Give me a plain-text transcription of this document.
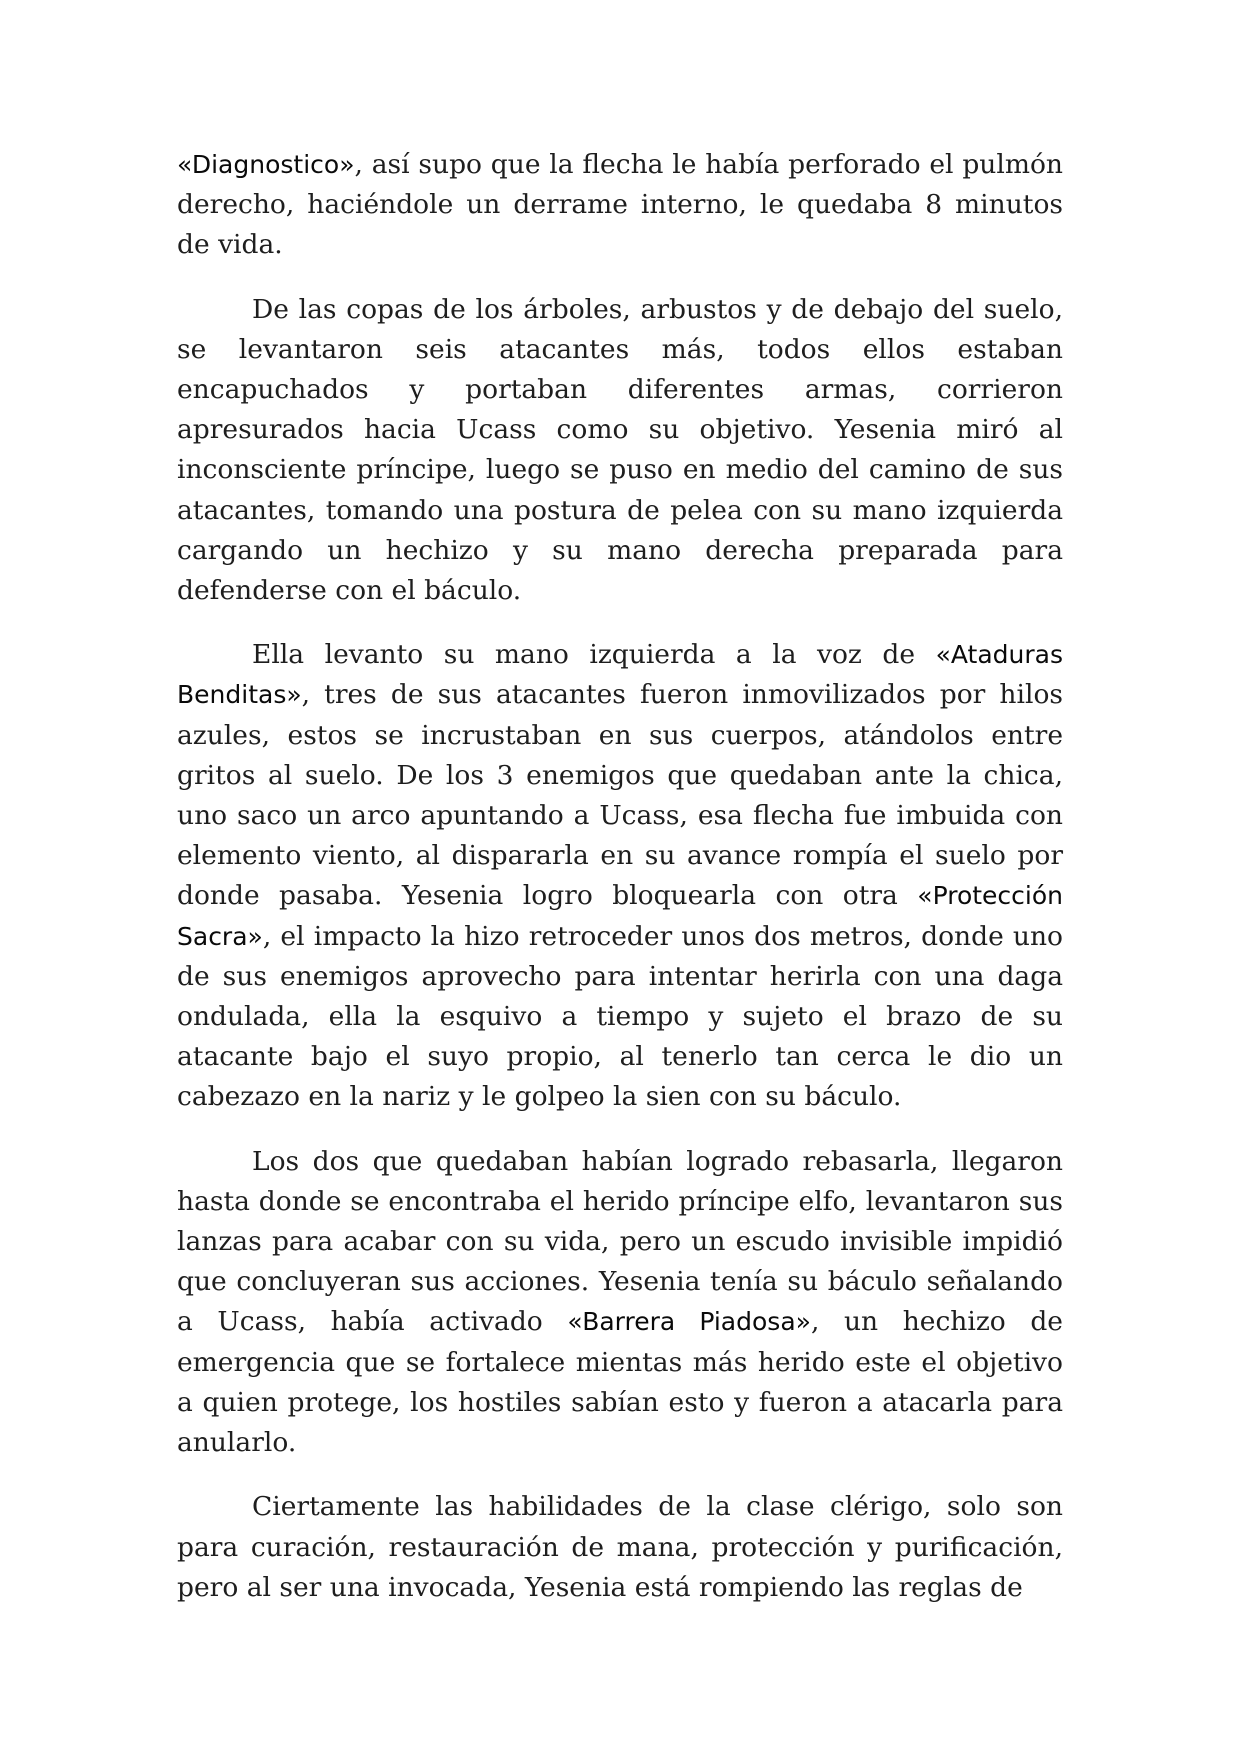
«Diagnostico», así supo que la flecha le había perforado el pulmón derecho, haciéndole un derrame interno, le quedaba 8 minutos de vida.

De las copas de los árboles, arbustos y de debajo del suelo, se levantaron seis atacantes más, todos ellos estaban encapuchados y portaban diferentes armas, corrieron apresurados hacia Ucass como su objetivo. Yesenia miró al inconsciente príncipe, luego se puso en medio del camino de sus atacantes, tomando una postura de pelea con su mano izquierda cargando un hechizo y su mano derecha preparada para defenderse con el báculo.

Ella levanto su mano izquierda a la voz de «Ataduras Benditas», tres de sus atacantes fueron inmovilizados por hilos azules, estos se incrustaban en sus cuerpos, atándolos entre gritos al suelo. De los 3 enemigos que quedaban ante la chica, uno saco un arco apuntando a Ucass, esa flecha fue imbuida con elemento viento, al dispararla en su avance rompía el suelo por donde pasaba. Yesenia logro bloquearla con otra «Protección Sacra», el impacto la hizo retroceder unos dos metros, donde uno de sus enemigos aprovecho para intentar herirla con una daga ondulada, ella la esquivo a tiempo y sujeto el brazo de su atacante bajo el suyo propio, al tenerlo tan cerca le dio un cabezazo en la nariz y le golpeo la sien con su báculo.

Los dos que quedaban habían logrado rebasarla, llegaron hasta donde se encontraba el herido príncipe elfo, levantaron sus lanzas para acabar con su vida, pero un escudo invisible impidió que concluyeran sus acciones. Yesenia tenía su báculo señalando a Ucass, había activado «Barrera Piadosa», un hechizo de emergencia que se fortalece mientas más herido este el objetivo a quien protege, los hostiles sabían esto y fueron a atacarla para anularlo.

Ciertamente las habilidades de la clase clérigo, solo son para curación, restauración de mana, protección y purificación, pero al ser una invocada, Yesenia está rompiendo las reglas de
